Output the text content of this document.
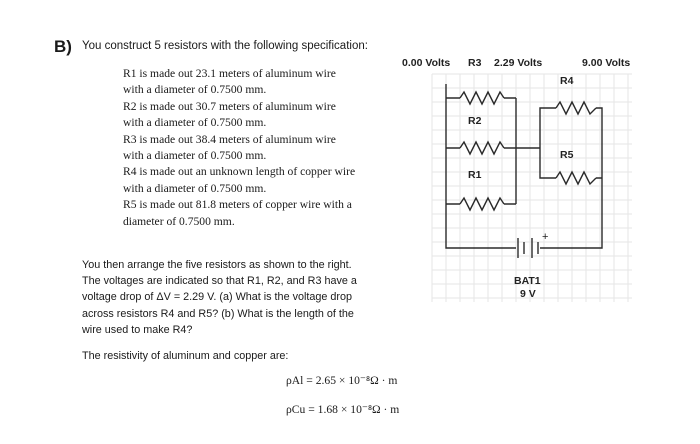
B) You construct 5 resistors with the following specification:
R1 is made out 23.1 meters of aluminum wire
with a diameter of 0.7500 mm.
R2 is made out 30.7 meters of aluminum wire
with a diameter of 0.7500 mm.
R3 is made out 38.4 meters of aluminum wire
with a diameter of 0.7500 mm.
R4 is made out an unknown length of copper wire
with a diameter of 0.7500 mm.
R5 is made out 81.8 meters of copper wire with a
diameter of 0.7500 mm.
You then arrange the five resistors as shown to the right.
The voltages are indicated so that R1, R2, and R3 have a
voltage drop of ΔV = 2.29 V. (a) What is the voltage drop
across resistors R4 and R5? (b) What is the length of the
wire used to make R4?
The resistivity of aluminum and copper are:
ρAl = 2.65 × 10⁻⁸Ω · m
ρCu = 1.68 × 10⁻⁸Ω · m
0.00 Volts R3 2.29 Volts	9.00 Volts
R4
R2
R5
R1
+
BAT1
9 V
